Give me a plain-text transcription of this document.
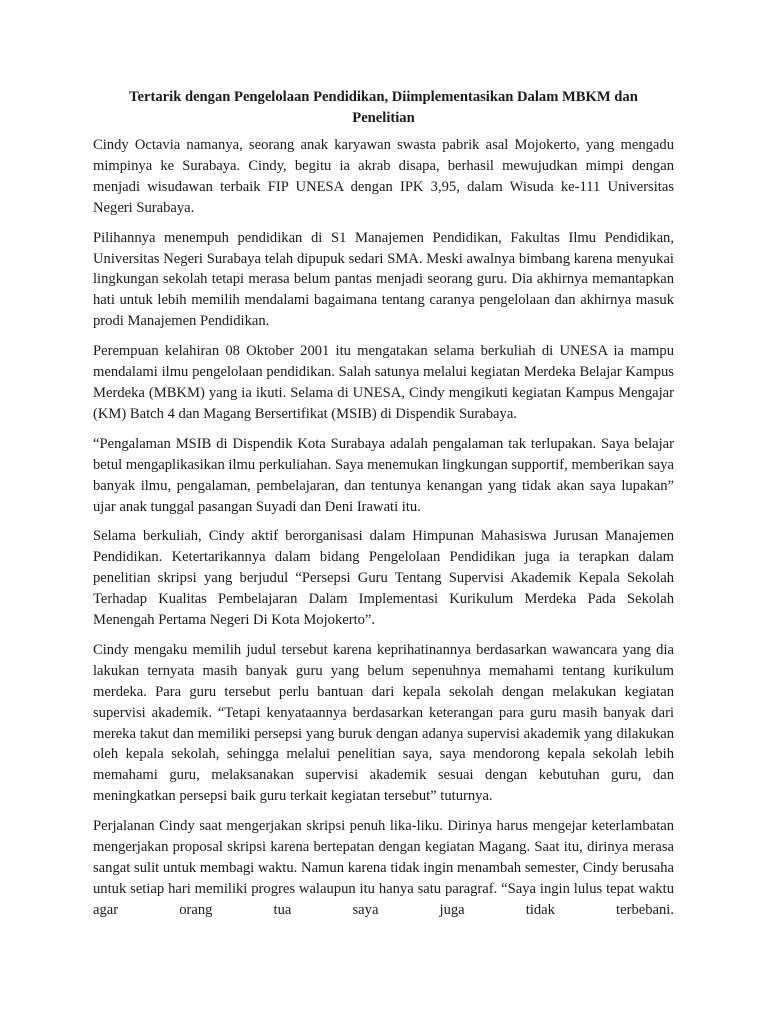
Tertarik dengan Pengelolaan Pendidikan, Diimplementasikan Dalam MBKM dan Penelitian

Cindy Octavia namanya, seorang anak karyawan swasta pabrik asal Mojokerto, yang mengadu mimpinya ke Surabaya. Cindy, begitu ia akrab disapa, berhasil mewujudkan mimpi dengan menjadi wisudawan terbaik FIP UNESA dengan IPK 3,95, dalam Wisuda ke-111 Universitas Negeri Surabaya.

Pilihannya menempuh pendidikan di S1 Manajemen Pendidikan, Fakultas Ilmu Pendidikan, Universitas Negeri Surabaya telah dipupuk sedari SMA. Meski awalnya bimbang karena menyukai lingkungan sekolah tetapi merasa belum pantas menjadi seorang guru. Dia akhirnya memantapkan hati untuk lebih memilih mendalami bagaimana tentang caranya pengelolaan dan akhirnya masuk prodi Manajemen Pendidikan.

Perempuan kelahiran 08 Oktober 2001 itu mengatakan selama berkuliah di UNESA ia mampu mendalami ilmu pengelolaan pendidikan. Salah satunya melalui kegiatan Merdeka Belajar Kampus Merdeka (MBKM) yang ia ikuti. Selama di UNESA, Cindy mengikuti kegiatan Kampus Mengajar (KM) Batch 4 dan Magang Bersertifikat (MSIB) di Dispendik Surabaya.

“Pengalaman MSIB di Dispendik Kota Surabaya adalah pengalaman tak terlupakan. Saya belajar betul mengaplikasikan ilmu perkuliahan. Saya menemukan lingkungan supportif, memberikan saya banyak ilmu, pengalaman, pembelajaran, dan tentunya kenangan yang tidak akan saya lupakan” ujar anak tunggal pasangan Suyadi dan Deni Irawati itu.

Selama berkuliah, Cindy aktif berorganisasi dalam Himpunan Mahasiswa Jurusan Manajemen Pendidikan. Ketertarikannya dalam bidang Pengelolaan Pendidikan juga ia terapkan dalam penelitian skripsi yang berjudul “Persepsi Guru Tentang Supervisi Akademik Kepala Sekolah Terhadap Kualitas Pembelajaran Dalam Implementasi Kurikulum Merdeka Pada Sekolah Menengah Pertama Negeri Di Kota Mojokerto”.

Cindy mengaku memilih judul tersebut karena keprihatinannya berdasarkan wawancara yang dia lakukan ternyata masih banyak guru yang belum sepenuhnya memahami tentang kurikulum merdeka. Para guru tersebut perlu bantuan dari kepala sekolah dengan melakukan kegiatan supervisi akademik. “Tetapi kenyataannya berdasarkan keterangan para guru masih banyak dari mereka takut dan memiliki persepsi yang buruk dengan adanya supervisi akademik yang dilakukan oleh kepala sekolah, sehingga melalui penelitian saya, saya mendorong kepala sekolah lebih memahami guru, melaksanakan supervisi akademik sesuai dengan kebutuhan guru, dan meningkatkan persepsi baik guru terkait kegiatan tersebut” tuturnya.

Perjalanan Cindy saat mengerjakan skripsi penuh lika-liku. Dirinya harus mengejar keterlambatan mengerjakan proposal skripsi karena bertepatan dengan kegiatan Magang. Saat itu, dirinya merasa sangat sulit untuk membagi waktu. Namun karena tidak ingin menambah semester, Cindy berusaha untuk setiap hari memiliki progres walaupun itu hanya satu paragraf. “Saya ingin lulus tepat waktu agar orang tua saya juga tidak terbebani.
